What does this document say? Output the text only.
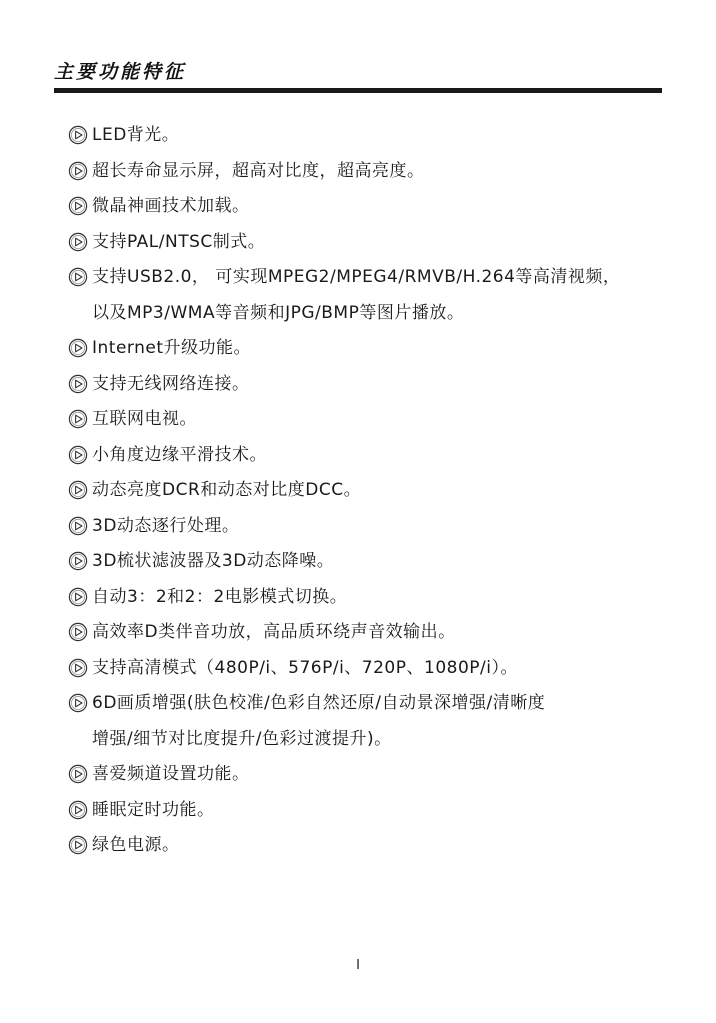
主要功能特征
LED背光。
超长寿命显示屏，超高对比度，超高亮度。
微晶神画技术加载。
支持PAL/NTSC制式。
支持USB2.0， 可实现MPEG2/MPEG4/RMVB/H.264等高清视频，
以及MP3/WMA等音频和JPG/BMP等图片播放。
Internet升级功能。
支持无线网络连接。
互联网电视。
小角度边缘平滑技术。
动态亮度DCR和动态对比度DCC。
3D动态逐行处理。
3D梳状滤波器及3D动态降噪。
自动3：2和2：2电影模式切换。
高效率D类伴音功放，高品质环绕声音效输出。
支持高清模式（480P/i、576P/i、720P、1080P/i）。
6D画质增强(肤色校准/色彩自然还原/自动景深增强/清晰度
增强/细节对比度提升/色彩过渡提升)。
喜爱频道设置功能。
睡眠定时功能。
绿色电源。
I
